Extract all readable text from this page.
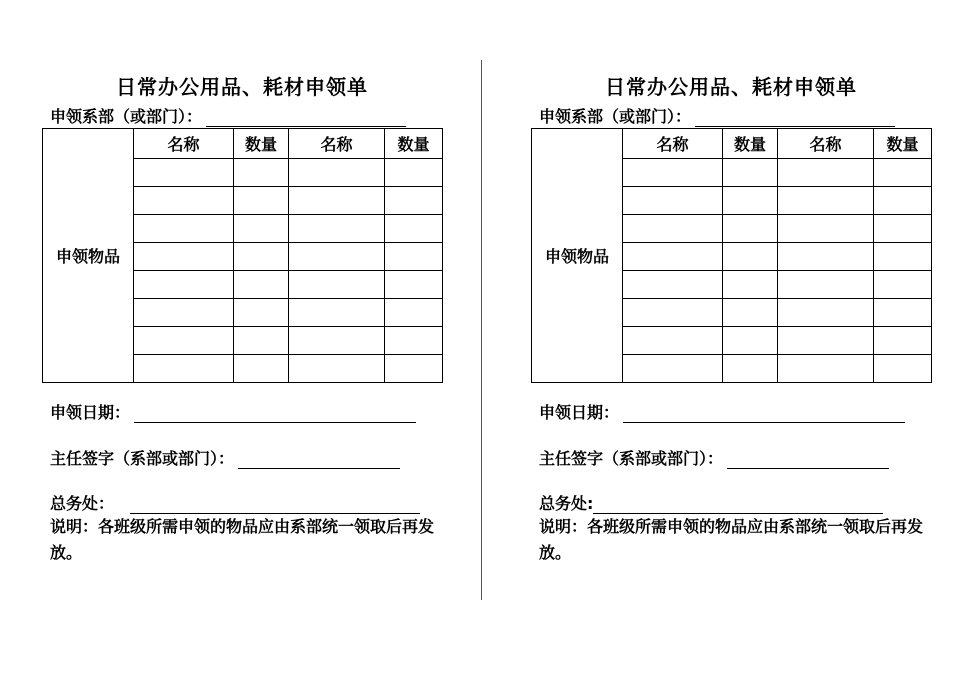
日常办公用品、耗材申领单
申领系部（或部门）：
申领物品	名称	数量	名称	数量

申领日期：
主任签字（系部或部门）：
总务处：
说明：各班级所需申领的物品应由系部统一领取后再发放。
日常办公用品、耗材申领单
申领系部（或部门）：
申领物品	名称	数量	名称	数量

申领日期：
主任签字（系部或部门）：
总务处:
说明：各班级所需申领的物品应由系部统一领取后再发放。
